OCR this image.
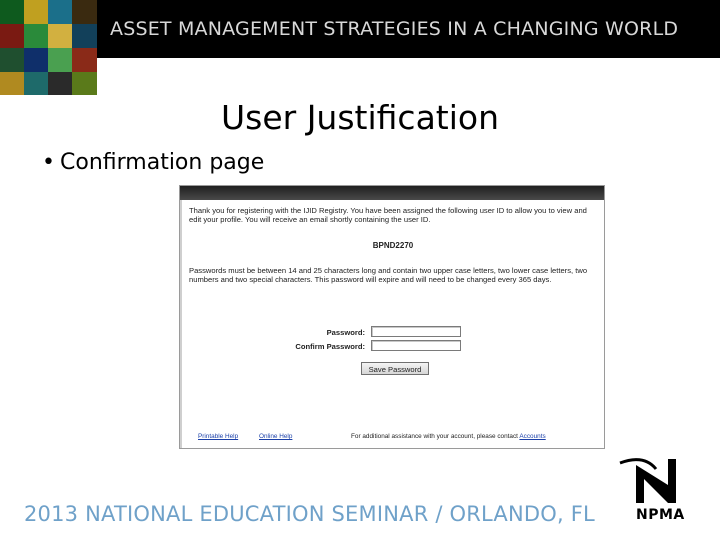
ASSET MANAGEMENT STRATEGIES IN A CHANGING WORLD
User Justification
• Confirmation page

Thank you for registering with the IJID Registry. You have been assigned the following user ID to allow you to view and edit your profile. You will receive an email shortly containing the user ID.

BPND2270

Passwords must be between 14 and 25 characters long and contain two upper case letters, two lower case letters, two numbers and two special characters. This password will expire and will need to be changed every 365 days.

Password:
Confirm Password:
Save Password
Printable Help	Online Help	For additional assistance with your account, please contact Accounts
2013 NATIONAL EDUCATION SEMINAR / ORLANDO, FL	NPMA
